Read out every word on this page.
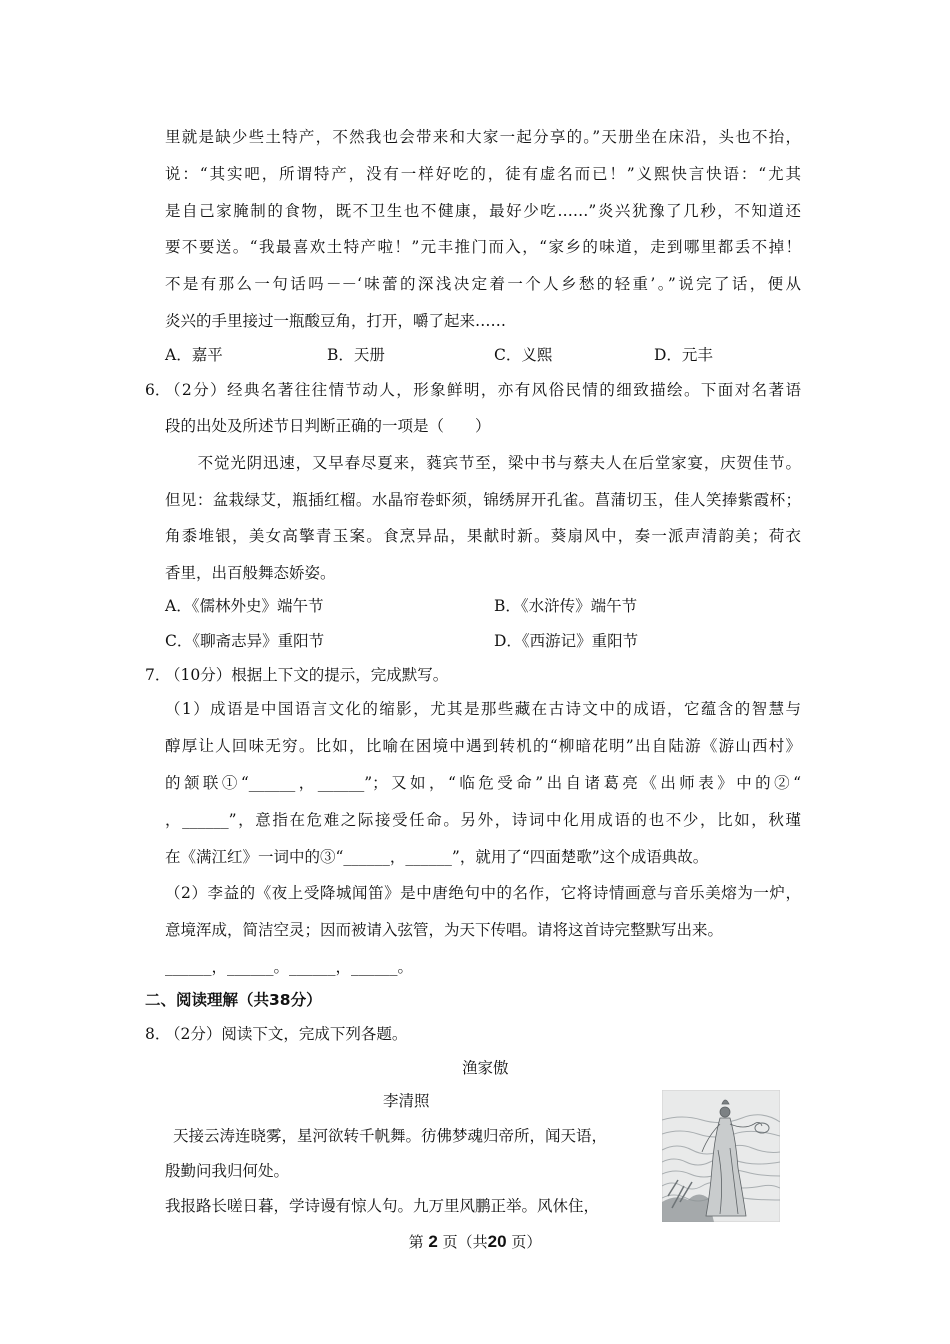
里就是缺少些土特产，不然我也会带来和大家一起分享的。”天册坐在床沿，头也不抬，
说：“其实吧，所谓特产，没有一样好吃的，徒有虚名而已！”义熙快言快语：“尤其
是自己家腌制的食物，既不卫生也不健康，最好少吃……”炎兴犹豫了几秒，不知道还
要不要送。“我最喜欢土特产啦！”元丰推门而入，“家乡的味道，走到哪里都丢不掉！
不是有那么一句话吗－－‘味蕾的深浅决定着一个人乡愁的轻重’。”说完了话，便从
炎兴的手里接过一瓶酸豆角，打开，嚼了起来……
A．嘉平	B．天册	C．义熙	D．元丰
6．
（2分）经典名著往往情节动人，形象鲜明，亦有风俗民情的细致描绘。下面对名著语
段的出处及所述节日判断正确的一项是（　　）
　　不觉光阴迅速，又早春尽夏来，蕤宾节至，梁中书与蔡夫人在后堂家宴，庆贺佳节。
但见：盆栽绿艾，瓶插红榴。水晶帘卷虾须，锦绣屏开孔雀。菖蒲切玉，佳人笑捧紫霞杯；
角黍堆银，美女高擎青玉案。食烹异品，果献时新。葵扇风中，奏一派声清韵美；荷衣
香里，出百般舞态娇姿。
A．《儒林外史》端午节	B．《水浒传》端午节
C．《聊斋志异》重阳节	D．《西游记》重阳节
7．
（10分）根据上下文的提示，完成默写。
（1）成语是中国语言文化的缩影，尤其是那些藏在古诗文中的成语，它蕴含的智慧与
醇厚让人回味无穷。比如，比喻在困境中遇到转机的“柳暗花明”出自陆游《游山西村》
的颔联①“______，______”；又如，“临危受命”出自诸葛亮《出师表》中的②“
，______”，意指在危难之际接受任命。另外，诗词中化用成语的也不少，比如，秋瑾
在《满江红》一词中的③“______，______”，就用了“四面楚歌”这个成语典故。
（2）李益的《夜上受降城闻笛》是中唐绝句中的名作，它将诗情画意与音乐美熔为一炉，
意境浑成，简洁空灵；因而被请入弦管，为天下传唱。请将这首诗完整默写出来。
______，______。______，______。
二、阅读理解（共38分）
8．
（2分）阅读下文，完成下列各题。
渔家傲
李清照
天接云涛连晓雾，星河欲转千帆舞。彷佛梦魂归帝所，闻天语，
殷勤问我归何处。
我报路长嗟日暮，学诗谩有惊人句。九万里风鹏正举。风休住，
第 2 页（共20 页）
